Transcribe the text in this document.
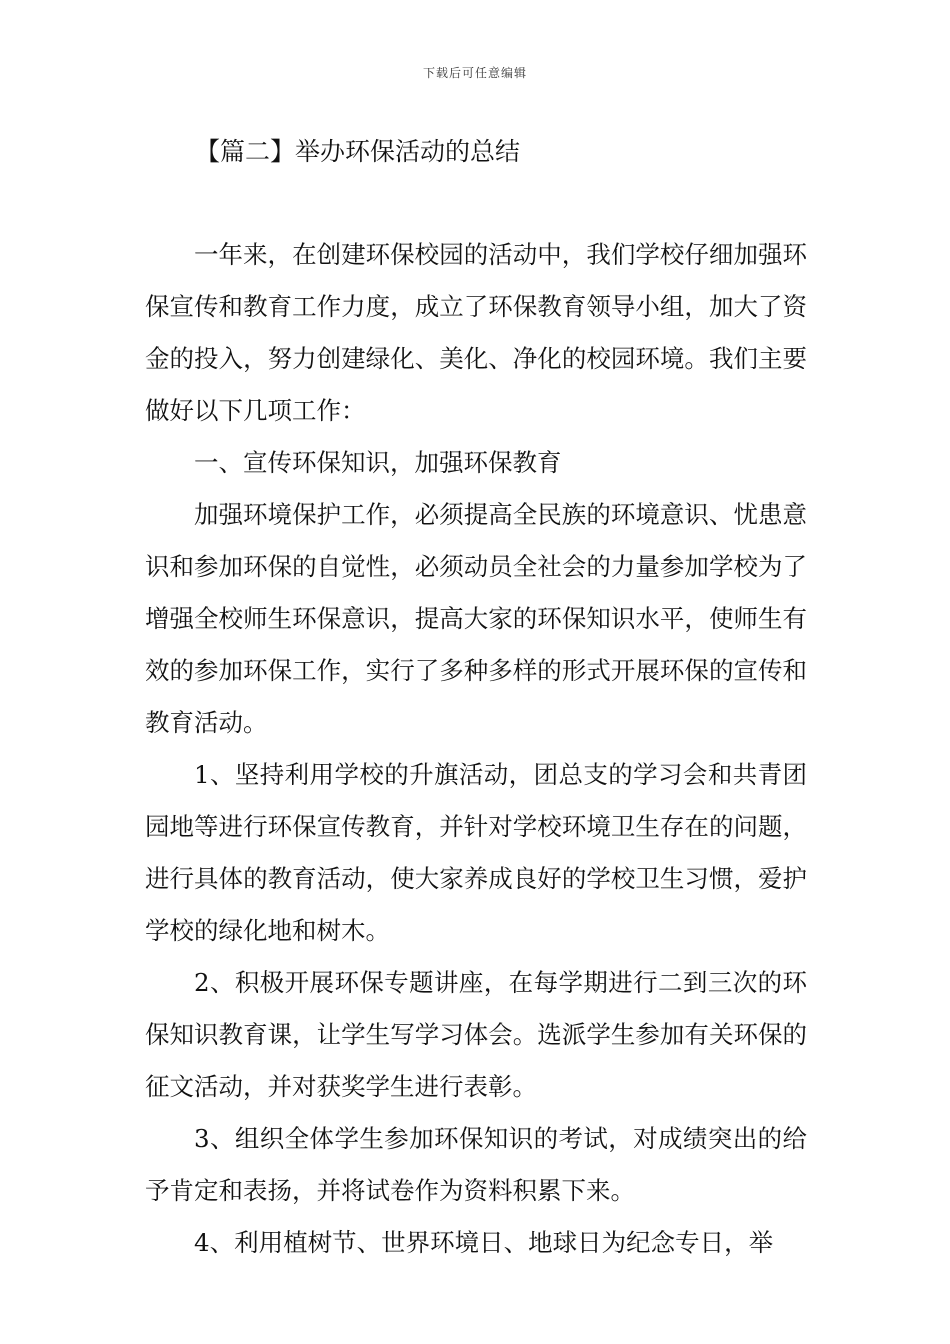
下载后可任意编辑
【篇二】举办环保活动的总结

一年来，在创建环保校园的活动中，我们学校仔细加强环保宣传和教育工作力度，成立了环保教育领导小组，加大了资金的投入，努力创建绿化、美化、净化的校园环境。我们主要做好以下几项工作：

一、宣传环保知识，加强环保教育

加强环境保护工作，必须提高全民族的环境意识、忧患意识和参加环保的自觉性，必须动员全社会的力量参加学校为了增强全校师生环保意识，提高大家的环保知识水平，使师生有效的参加环保工作，实行了多种多样的形式开展环保的宣传和教育活动。

1、坚持利用学校的升旗活动，团总支的学习会和共青团园地等进行环保宣传教育，并针对学校环境卫生存在的问题，进行具体的教育活动，使大家养成良好的学校卫生习惯，爱护学校的绿化地和树木。

2、积极开展环保专题讲座，在每学期进行二到三次的环保知识教育课，让学生写学习体会。选派学生参加有关环保的征文活动，并对获奖学生进行表彰。

3、组织全体学生参加环保知识的考试，对成绩突出的给予肯定和表扬，并将试卷作为资料积累下来。

4、利用植树节、世界环境日、地球日为纪念专日，举
